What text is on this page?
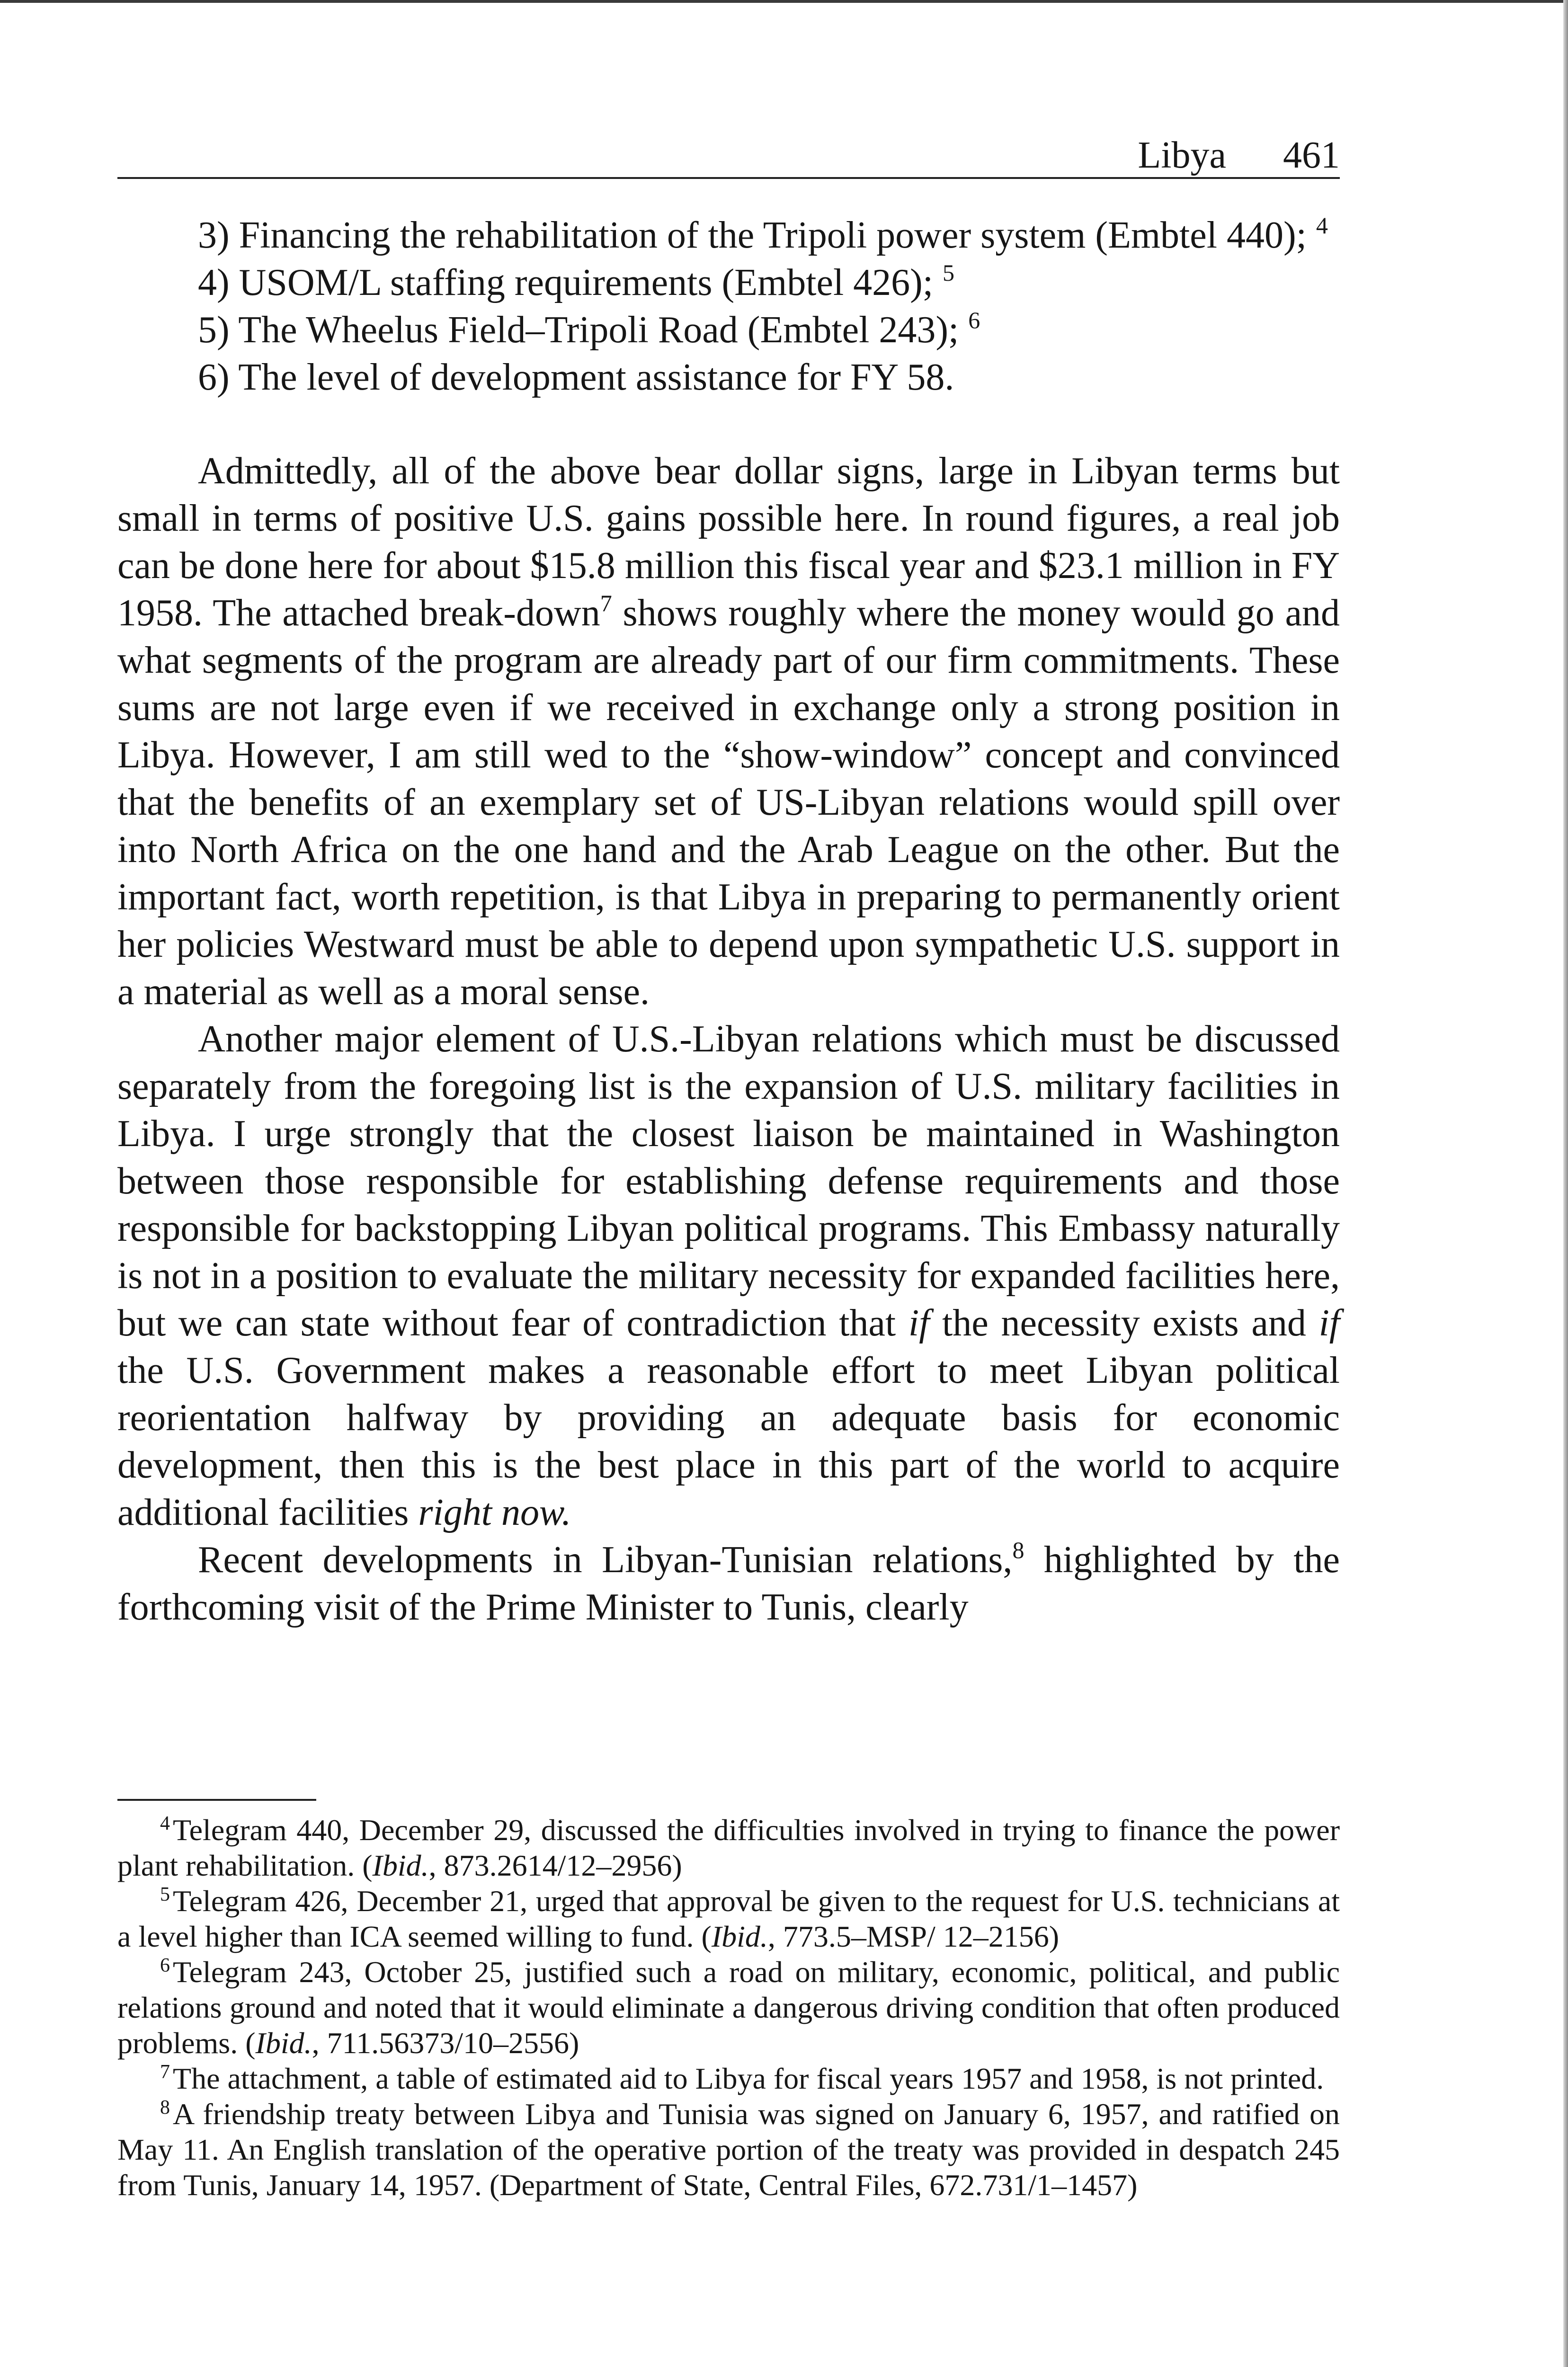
Libya 461
3) Financing the rehabilitation of the Tripoli power system (Embtel 440); $^4$
4) USOM/L staffing requirements (Embtel 426); $^5$
5) The Wheelus Field–Tripoli Road (Embtel 243); $^6$
6) The level of development assistance for FY 58.

Admittedly, all of the above bear dollar signs, large in Libyan terms but small in terms of positive U.S. gains possible here. In round figures, a real job can be done here for about $15.8 million this fiscal year and $23.1 million in FY 1958. The attached break-down$^7$ shows roughly where the money would go and what segments of the program are already part of our firm commitments. These sums are not large even if we received in exchange only a strong position in Libya. However, I am still wed to the “show-window” concept and convinced that the benefits of an exemplary set of US-Libyan relations would spill over into North Africa on the one hand and the Arab League on the other. But the important fact, worth repetition, is that Libya in preparing to permanently orient her policies Westward must be able to depend upon sympathetic U.S. support in a material as well as a moral sense.

Another major element of U.S.-Libyan relations which must be discussed separately from the foregoing list is the expansion of U.S. military facilities in Libya. I urge strongly that the closest liaison be maintained in Washington between those responsible for establishing defense requirements and those responsible for backstopping Libyan political programs. This Embassy naturally is not in a position to evaluate the military necessity for expanded facilities here, but we can state without fear of contradiction that if the necessity exists and if the U.S. Government makes a reasonable effort to meet Libyan political reorientation halfway by providing an adequate basis for economic development, then this is the best place in this part of the world to acquire additional facilities right now.

Recent developments in Libyan-Tunisian relations,$^8$ highlighted by the forthcoming visit of the Prime Minister to Tunis, clearly

$^4$Telegram 440, December 29, discussed the difficulties involved in trying to finance the power plant rehabilitation. (Ibid., 873.2614/12–2956)

$^5$Telegram 426, December 21, urged that approval be given to the request for U.S. technicians at a level higher than ICA seemed willing to fund. (Ibid., 773.5–MSP/ 12–2156)

$^6$Telegram 243, October 25, justified such a road on military, economic, political, and public relations ground and noted that it would eliminate a dangerous driving condition that often produced problems. (Ibid., 711.56373/10–2556)

$^7$The attachment, a table of estimated aid to Libya for fiscal years 1957 and 1958, is not printed.

$^8$A friendship treaty between Libya and Tunisia was signed on January 6, 1957, and ratified on May 11. An English translation of the operative portion of the treaty was provided in despatch 245 from Tunis, January 14, 1957. (Department of State, Central Files, 672.731/1–1457)
